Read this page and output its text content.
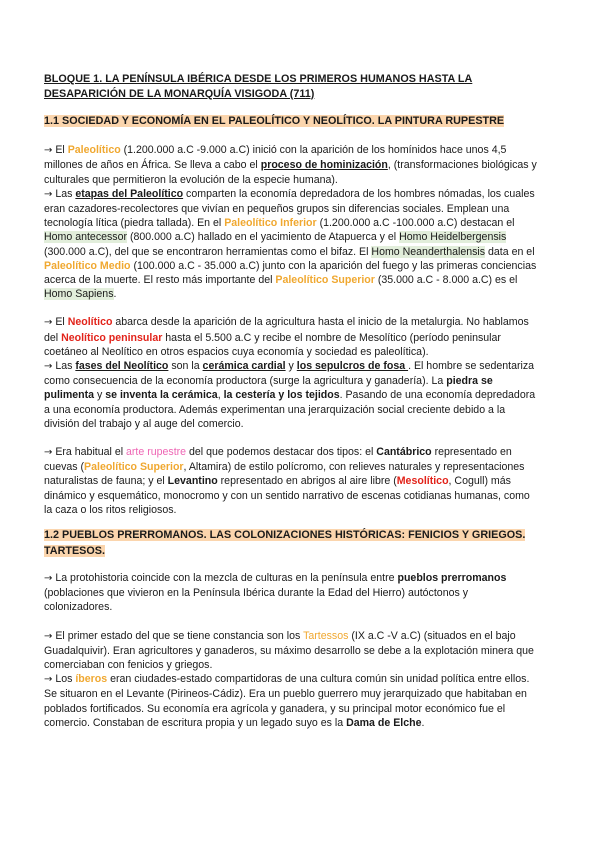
BLOQUE 1. LA PENÍNSULA IBÉRICA DESDE LOS PRIMEROS HUMANOS HASTA LA
DESAPARICIÓN DE LA MONARQUÍA VISIGODA (711)
1.1 SOCIEDAD Y ECONOMÍA EN EL PALEOLÍTICO Y NEOLÍTICO. LA PINTURA RUPESTRE

→ El Paleolítico (1.200.000 a.C -9.000 a.C) inició con la aparición de los homínidos hace unos 4,5 millones de años en África. Se lleva a cabo el proceso de hominización, (transformaciones biológicas y culturales que permitieron la evolución de la especie humana).

→ Las etapas del Paleolítico comparten la economía depredadora de los hombres nómadas, los cuales eran cazadores-recolectores que vivían en pequeños grupos sin diferencias sociales. Emplean una tecnología lítica (piedra tallada). En el Paleolítico Inferior (1.200.000 a.C -100.000 a.C) destacan el Homo antecessor (800.000 a.C) hallado en el yacimiento de Atapuerca y el Homo Heidelbergensis (300.000 a.C), del que se encontraron herramientas como el bifaz. El Homo Neanderthalensis data en el Paleolítico Medio (100.000 a.C - 35.000 a.C) junto con la aparición del fuego y las primeras conciencias acerca de la muerte. El resto más importante del Paleolítico Superior (35.000 a.C - 8.000 a.C) es el Homo Sapiens.

→ El Neolítico abarca desde la aparición de la agricultura hasta el inicio de la metalurgia. No hablamos del Neolítico peninsular hasta el 5.500 a.C y recibe el nombre de Mesolítico (período peninsular coetáneo al Neolítico en otros espacios cuya economía y sociedad es paleolítica).

→ Las fases del Neolítico son la cerámica cardial y los sepulcros de fosa . El hombre se sedentariza como consecuencia de la economía productora (surge la agricultura y ganadería). La piedra se pulimenta y se inventa la cerámica, la cestería y los tejidos. Pasando de una economía depredadora a una economía productora. Además experimentan una jerarquización social creciente debido a la división del trabajo y al auge del comercio.

→ Era habitual el arte rupestre del que podemos destacar dos tipos: el Cantábrico representado en cuevas (Paleolítico Superior, Altamira) de estilo polícromo, con relieves naturales y representaciones naturalistas de fauna; y el Levantino representado en abrigos al aire libre (Mesolítico, Cogull) más dinámico y esquemático, monocromo y con un sentido narrativo de escenas cotidianas humanas, como la caza o los ritos religiosos.

1.2 PUEBLOS PRERROMANOS. LAS COLONIZACIONES HISTÓRICAS: FENICIOS Y GRIEGOS.
TARTESOS.

→ La protohistoria coincide con la mezcla de culturas en la península entre pueblos prerromanos (poblaciones que vivieron en la Península Ibérica durante la Edad del Hierro) autóctonos y colonizadores.

→ El primer estado del que se tiene constancia son los Tartessos (IX a.C -V a.C) (situados en el bajo Guadalquivir). Eran agricultores y ganaderos, su máximo desarrollo se debe a la explotación minera que comerciaban con fenicios y griegos.

→ Los íberos eran ciudades-estado compartidoras de una cultura común sin unidad política entre ellos. Se situaron en el Levante (Pirineos-Cádiz). Era un pueblo guerrero muy jerarquizado que habitaban en poblados fortificados. Su economía era agrícola y ganadera, y su principal motor económico fue el comercio. Constaban de escritura propia y un legado suyo es la Dama de Elche.
